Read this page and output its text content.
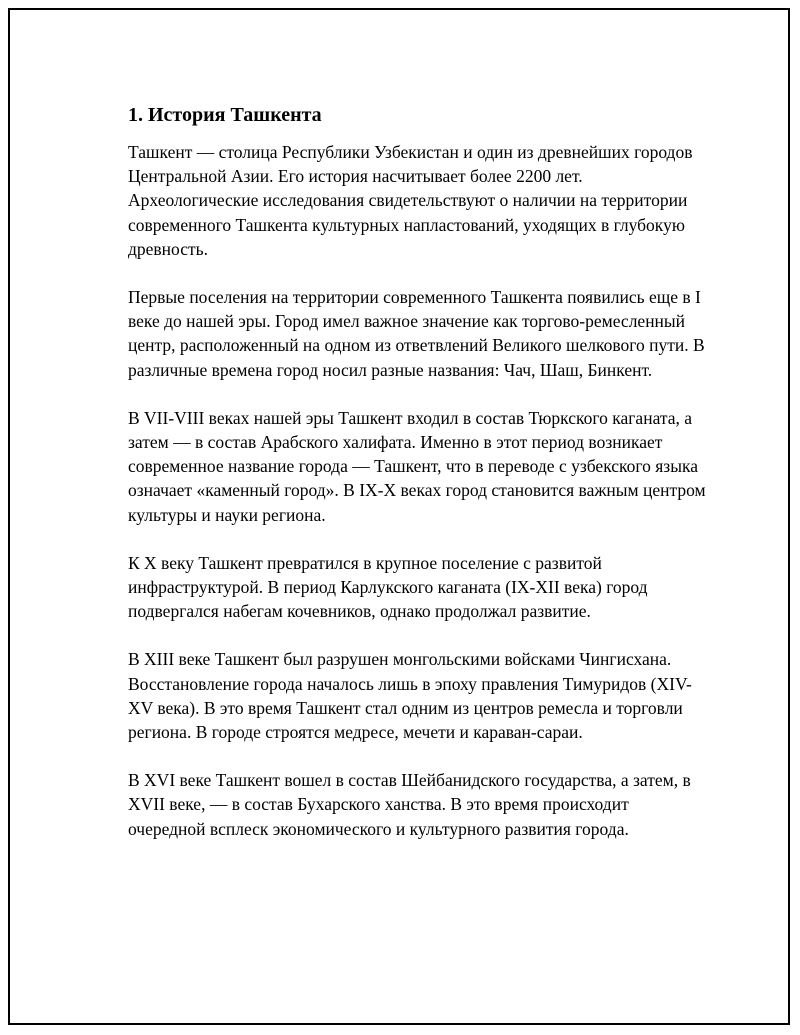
1. История Ташкента

Ташкент — столица Республики Узбекистан и один из древнейших городов Центральной Азии. Его история насчитывает более 2200 лет. Археологические исследования свидетельствуют о наличии на территории современного Ташкента культурных напластований, уходящих в глубокую древность.

Первые поселения на территории современного Ташкента появились еще в I веке до нашей эры. Город имел важное значение как торгово-ремесленный центр, расположенный на одном из ответвлений Великого шелкового пути. В различные времена город носил разные названия: Чач, Шаш, Бинкент.

В VII-VIII веках нашей эры Ташкент входил в состав Тюркского каганата, а затем — в состав Арабского халифата. Именно в этот период возникает современное название города — Ташкент, что в переводе с узбекского языка означает «каменный город». В IX-X веках город становится важным центром культуры и науки региона.

К X веку Ташкент превратился в крупное поселение с развитой инфраструктурой. В период Карлукского каганата (IX-XII века) город подвергался набегам кочевников, однако продолжал развитие.

В XIII веке Ташкент был разрушен монгольскими войсками Чингисхана. Восстановление города началось лишь в эпоху правления Тимуридов (XIV-XV века). В это время Ташкент стал одним из центров ремесла и торговли региона. В городе строятся медресе, мечети и караван-сараи.

В XVI веке Ташкент вошел в состав Шейбанидского государства, а затем, в XVII веке, — в состав Бухарского ханства. В это время происходит очередной всплеск экономического и культурного развития города.
